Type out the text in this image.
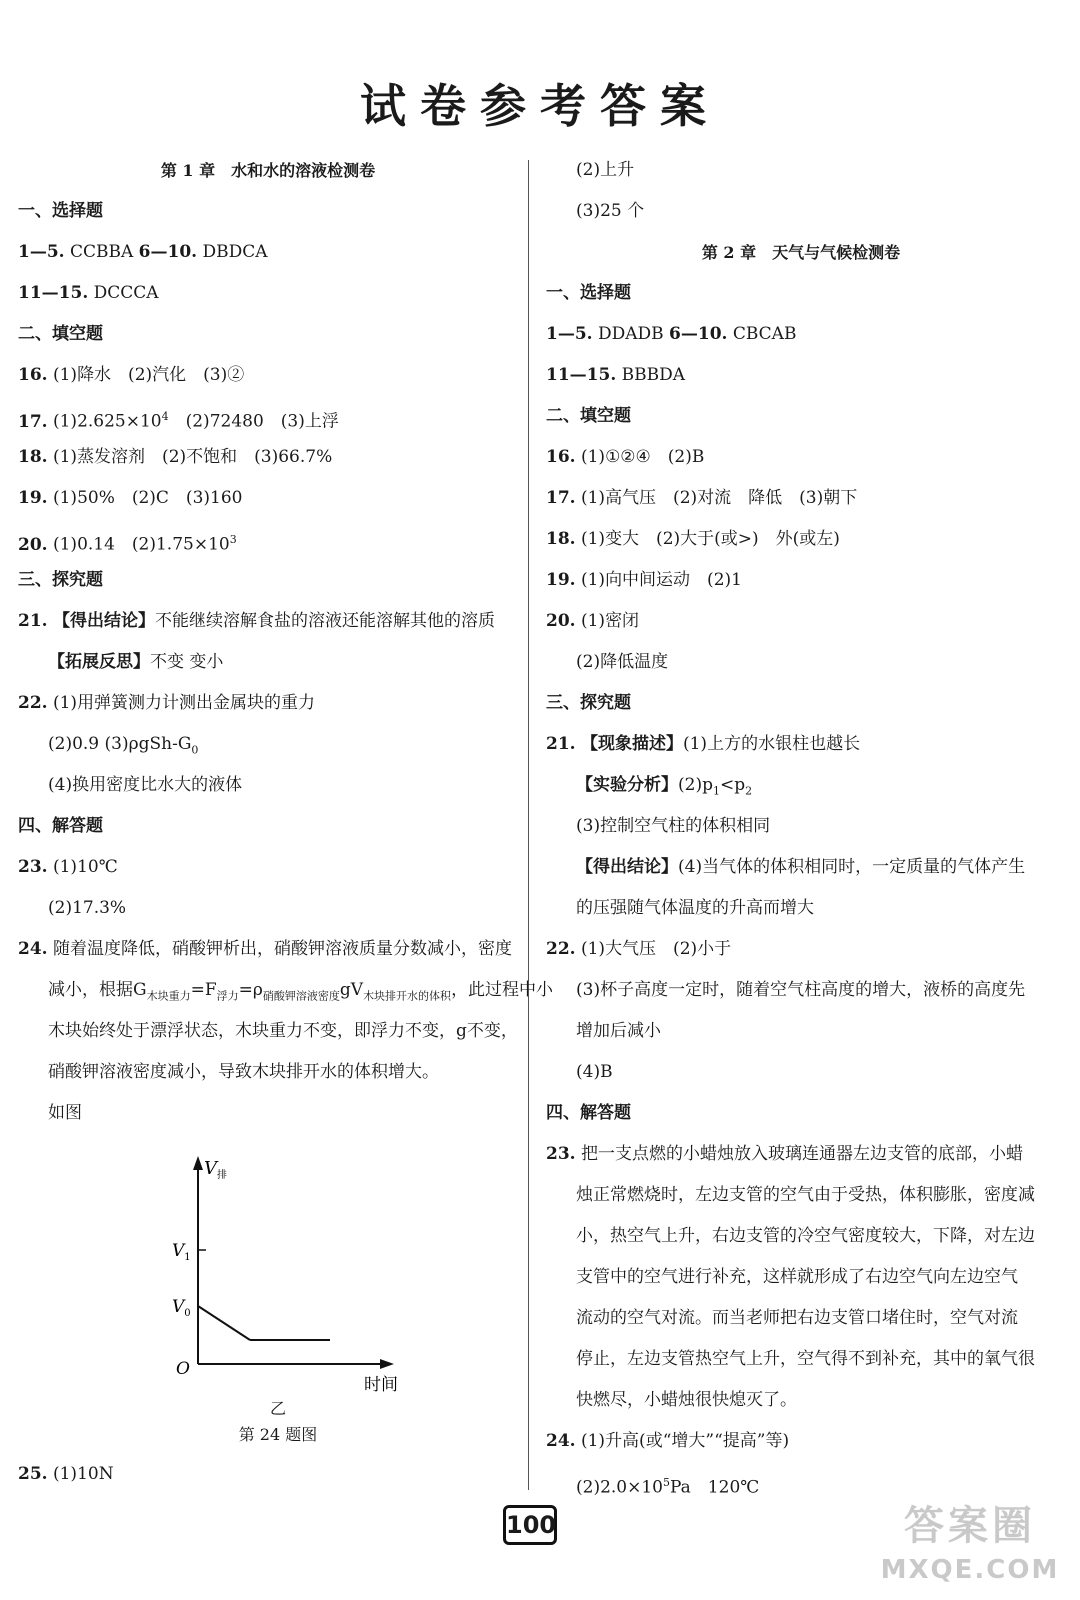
试卷参考答案
第 1 章　水和水的溶液检测卷
一、选择题
1—5. CCBBA 6—10. DBDCA
11—15. DCCCA
二、填空题
16. (1)降水　(2)汽化　(3)②
17. $(1)2.625\times 10^4$　(2)72480　(3)上浮
18. (1)蒸发溶剂　(2)不饱和　(3)66.7%
19. (1)50%　(2)C　(3)160
20. (1)0.14　$(2)1.75\times 10^3$
三、探究题
21. 【得出结论】不能继续溶解食盐的溶液还能溶解其他的溶质
【拓展反思】不变 变小
22. (1)用弹簧测力计测出金属块的重力
(2)0.9 $(3)\rho gSh-G_0$
(4)换用密度比水大的液体
四、解答题
23. (1)10℃
(2)17.3%
24. 随着温度降低，硝酸钾析出，硝酸钾溶液质量分数减小，密度
减小，根据$G_{木块重力}=F_{浮力}=\rho_{硝酸钾溶液密度}gV_{木块排开水的体积}$，此过程中小
木块始终处于漂浮状态，木块重力不变，即浮力不变，g不变，
硝酸钾溶液密度减小，导致木块排开水的体积增大。
如图
$V_排$
$V_1$
$V_0$
O
时间
乙
第 24 题图
25. (1)10N
(2)上升
(3)25 个
第 2 章　天气与气候检测卷
一、选择题
1—5. DDADB 6—10. CBCAB
11—15. BBBDA
二、填空题
16. (1)①②④　(2)B
17. (1)高气压　(2)对流　降低　(3)朝下
18. (1)变大　(2)大于(或>)　外(或左)
19. (1)向中间运动　(2)1
20. (1)密闭
(2)降低温度
三、探究题
21. 【现象描述】(1)上方的水银柱也越长
【实验分析】$(2)p_1<p_2$
(3)控制空气柱的体积相同
【得出结论】(4)当气体的体积相同时，一定质量的气体产生
的压强随气体温度的升高而增大
22. (1)大气压　(2)小于
(3)杯子高度一定时，随着空气柱高度的增大，液桥的高度先
增加后减小
(4)B
四、解答题
23. 把一支点燃的小蜡烛放入玻璃连通器左边支管的底部，小蜡
烛正常燃烧时，左边支管的空气由于受热，体积膨胀，密度减
小，热空气上升，右边支管的冷空气密度较大，下降，对左边
支管中的空气进行补充，这样就形成了右边空气向左边空气
流动的空气对流。而当老师把右边支管口堵住时，空气对流
停止，左边支管热空气上升，空气得不到补充，其中的氧气很
快燃尽，小蜡烛很快熄灭了。
24. (1)升高(或“增大”“提高”等)
$(2)2.0\times 10^5Pa$　120℃
100	答案圈
MXQE.COM
